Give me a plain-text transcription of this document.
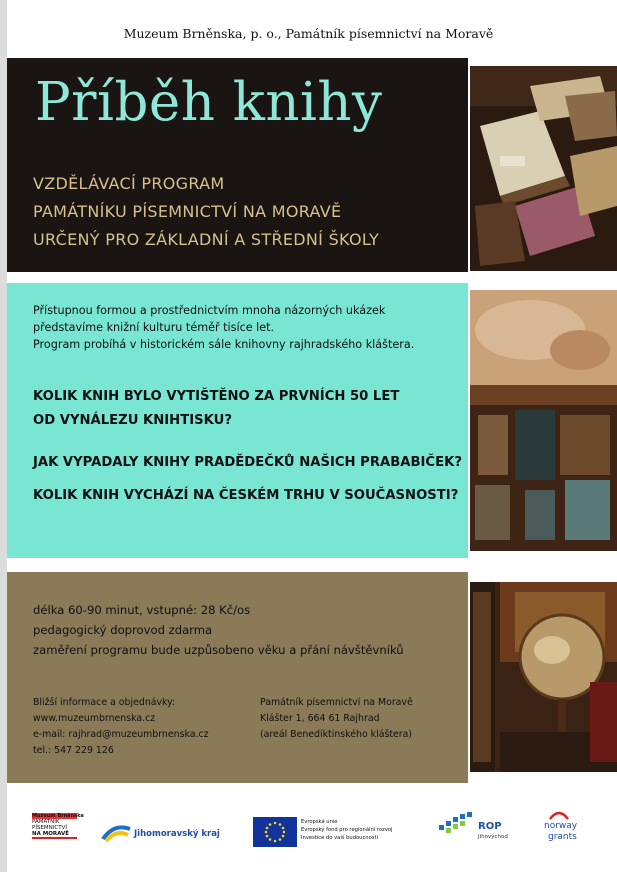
Muzeum Brněnska, p. o., Památník písemnictví na Moravě
Příběh knihy
VZDĚLÁVACÍ PROGRAM
PAMÁTNÍKU PÍSEMNICTVÍ NA MORAVĚ
URČENÝ PRO ZÁKLADNÍ A STŘEDNÍ ŠKOLY
Přístupnou formou a prostřednictvím mnoha názorných ukázek
představíme knižní kulturu téměř tisíce let.
Program probíhá v historickém sále knihovny rajhradského kláštera.
KOLIK KNIH BYLO VYTIŠTĚNO ZA PRVNÍCH 50 LET
OD VYNÁLEZU KNIHTISKU?
JAK VYPADALY KNIHY PRADĚDEČKŮ NAŠICH PRABABIČEK?
KOLIK KNIH VYCHÁZÍ NA ČESKÉM TRHU V SOUČASNOSTI?
délka 60-90 minut, vstupné: 28 Kč/os
pedagogický doprovod zdarma
zaměření programu bude uzpůsobeno věku a přání návštěvníků
Bližší informace a objednávky:
www.muzeumbrnenska.cz
e-mail: rajhrad@muzeumbrnenska.cz
tel.: 547 229 126
Památník písemnictví na Moravě
Klášter 1, 664 61 Rajhrad
(areál Benediktinského kláštera)
Muzeum Brněnska
PAMÁTNÍK
PÍSEMNICTVÍ
NA MORAVĚ	Jihomoravský kraj
Evropská unie
Evropský fond pro regionální rozvoj
Investice do vaší budoucnosti
ROP
Jihovýchod
norway
grants
